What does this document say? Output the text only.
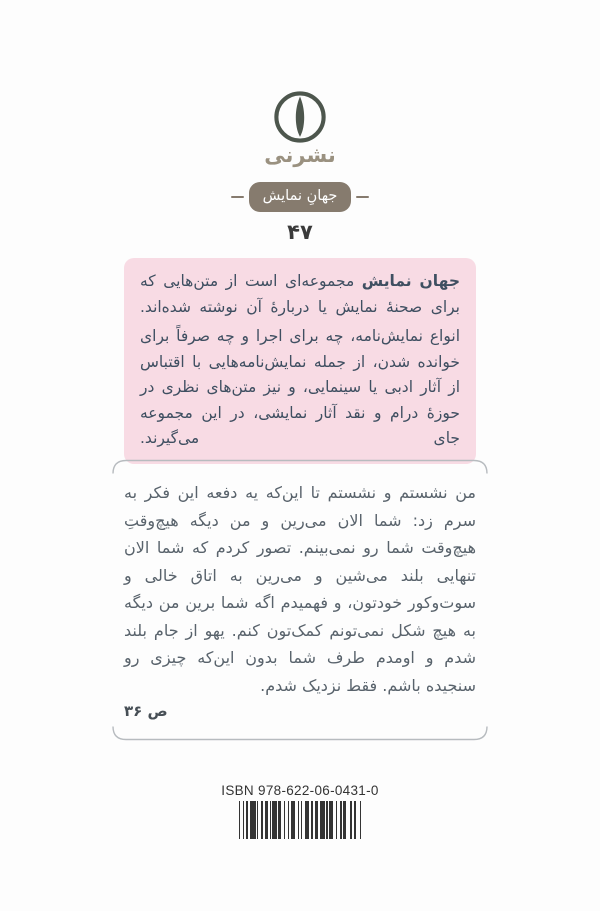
نشرنی
جهانِ نمایش
۴۷

جهان نمایش مجموعه‌ای است از متن‌هایی که برای صحنۀ نمایش یا دربارۀ آن نوشته شده‌اند.

انواع نمایش‌نامه، چه برای اجرا و چه صرفاً برای خوانده شدن، از جمله نمایش‌نامه‌هایی با اقتباس از آثار ادبی یا سینمایی، و نیز متن‌های نظری در حوزۀ درام و نقد آثار نمایشی، در این مجموعه جای می‌گیرند.

من نشستم و نشستم تا این‌که یه دفعه این فکر به سرم زد: شما الان می‌رین و من دیگه هیچ‌وقتِ هیچ‌وقت شما رو نمی‌بینم. تصور کردم که شما الان تنهایی بلند می‌شین و می‌رین به اتاق خالی و سوت‌وکور خودتون، و فهمیدم اگه شما برین من دیگه به هیچ شکل نمی‌تونم کمک‌تون کنم. یهو از جام بلند شدم و اومدم طرف شما بدون این‌که چیزی رو سنجیده باشم. فقط نزدیک شدم.

ص ۳۶
ISBN 978-622-06-0431-0
